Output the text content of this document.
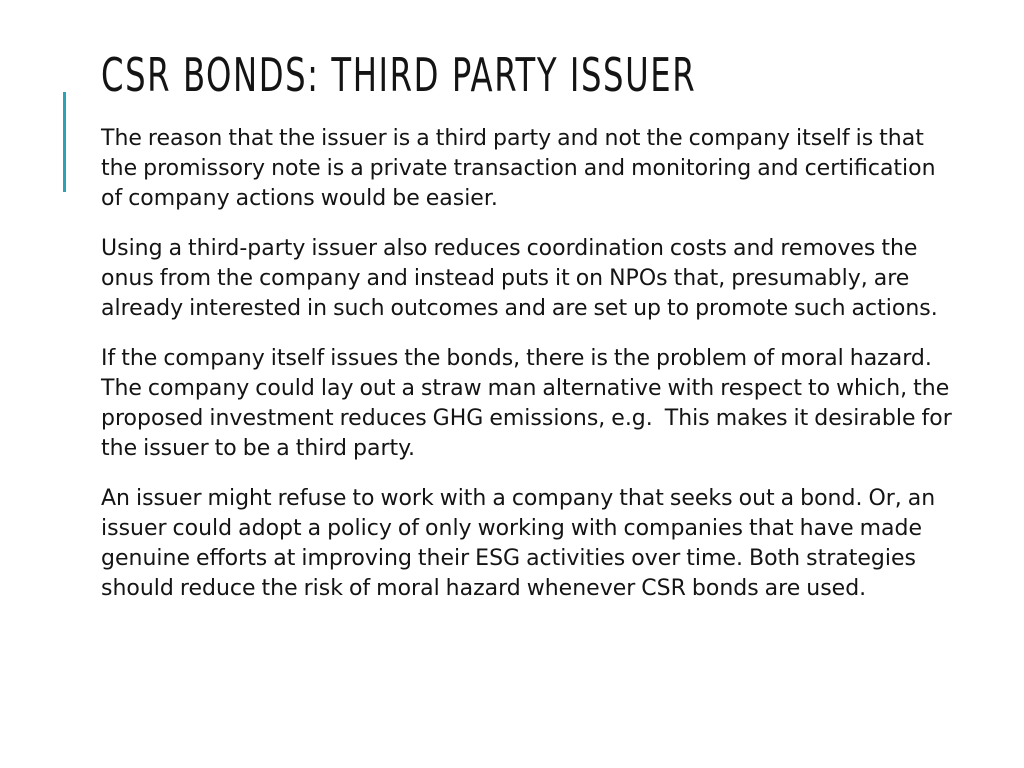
CSR BONDS: THIRD PARTY ISSUER

The reason that the issuer is a third party and not the company itself is that the promissory note is a private transaction and monitoring and certification of company actions would be easier.

Using a third-party issuer also reduces coordination costs and removes the onus from the company and instead puts it on NPOs that, presumably, are already interested in such outcomes and are set up to promote such actions.

If the company itself issues the bonds, there is the problem of moral hazard.  The company could lay out a straw man alternative with respect to which, the proposed investment reduces GHG emissions, e.g.  This makes it desirable for the issuer to be a third party.

An issuer might refuse to work with a company that seeks out a bond. Or, an issuer could adopt a policy of only working with companies that have made genuine efforts at improving their ESG activities over time. Both strategies should reduce the risk of moral hazard whenever CSR bonds are used.
